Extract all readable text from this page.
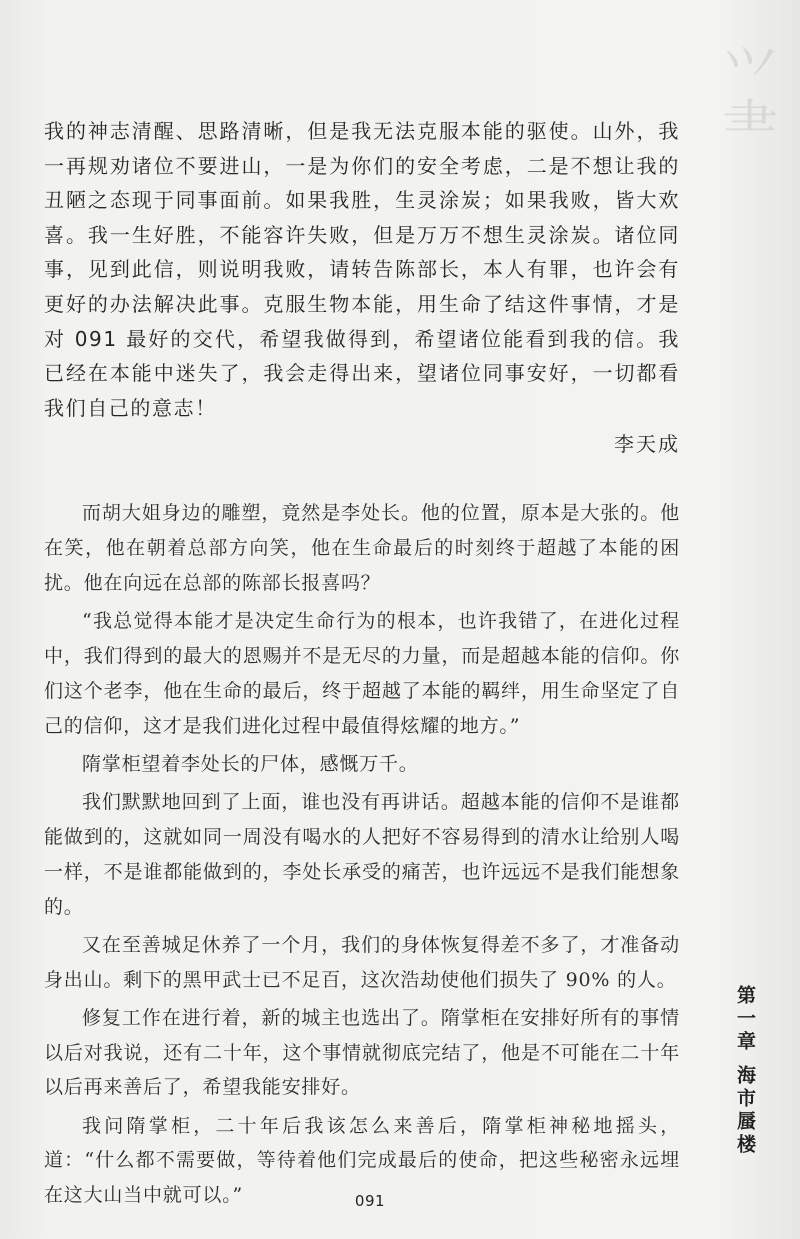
⺍
⺻
我的神志清醒、思路清晰，但是我无法克服本能的驱使。山外，我一再规劝诸位不要进山，一是为你们的安全考虑，二是不想让我的丑陋之态现于同事面前。如果我胜，生灵涂炭；如果我败，皆大欢喜。我一生好胜，不能容许失败，但是万万不想生灵涂炭。诸位同事，见到此信，则说明我败，请转告陈部长，本人有罪，也许会有更好的办法解决此事。克服生物本能，用生命了结这件事情，才是对 091 最好的交代，希望我做得到，希望诸位能看到我的信。我已经在本能中迷失了，我会走得出来，望诸位同事安好，一切都看我们自己的意志！
李天成

而胡大姐身边的雕塑，竟然是李处长。他的位置，原本是大张的。他在笑，他在朝着总部方向笑，他在生命最后的时刻终于超越了本能的困扰。他在向远在总部的陈部长报喜吗？

“我总觉得本能才是决定生命行为的根本，也许我错了，在进化过程中，我们得到的最大的恩赐并不是无尽的力量，而是超越本能的信仰。你们这个老李，他在生命的最后，终于超越了本能的羁绊，用生命坚定了自己的信仰，这才是我们进化过程中最值得炫耀的地方。”

隋掌柜望着李处长的尸体，感慨万千。

我们默默地回到了上面，谁也没有再讲话。超越本能的信仰不是谁都能做到的，这就如同一周没有喝水的人把好不容易得到的清水让给别人喝一样，不是谁都能做到的，李处长承受的痛苦，也许远远不是我们能想象的。

又在至善城足休养了一个月，我们的身体恢复得差不多了，才准备动身出山。剩下的黑甲武士已不足百，这次浩劫使他们损失了 90% 的人。

修复工作在进行着，新的城主也选出了。隋掌柜在安排好所有的事情以后对我说，还有二十年，这个事情就彻底完结了，他是不可能在二十年以后再来善后了，希望我能安排好。

我问隋掌柜，二十年后我该怎么来善后，隋掌柜神秘地摇头，道：“什么都不需要做，等待着他们完成最后的使命，把这些秘密永远埋在这大山当中就可以。”

第一章 海市蜃楼
091
